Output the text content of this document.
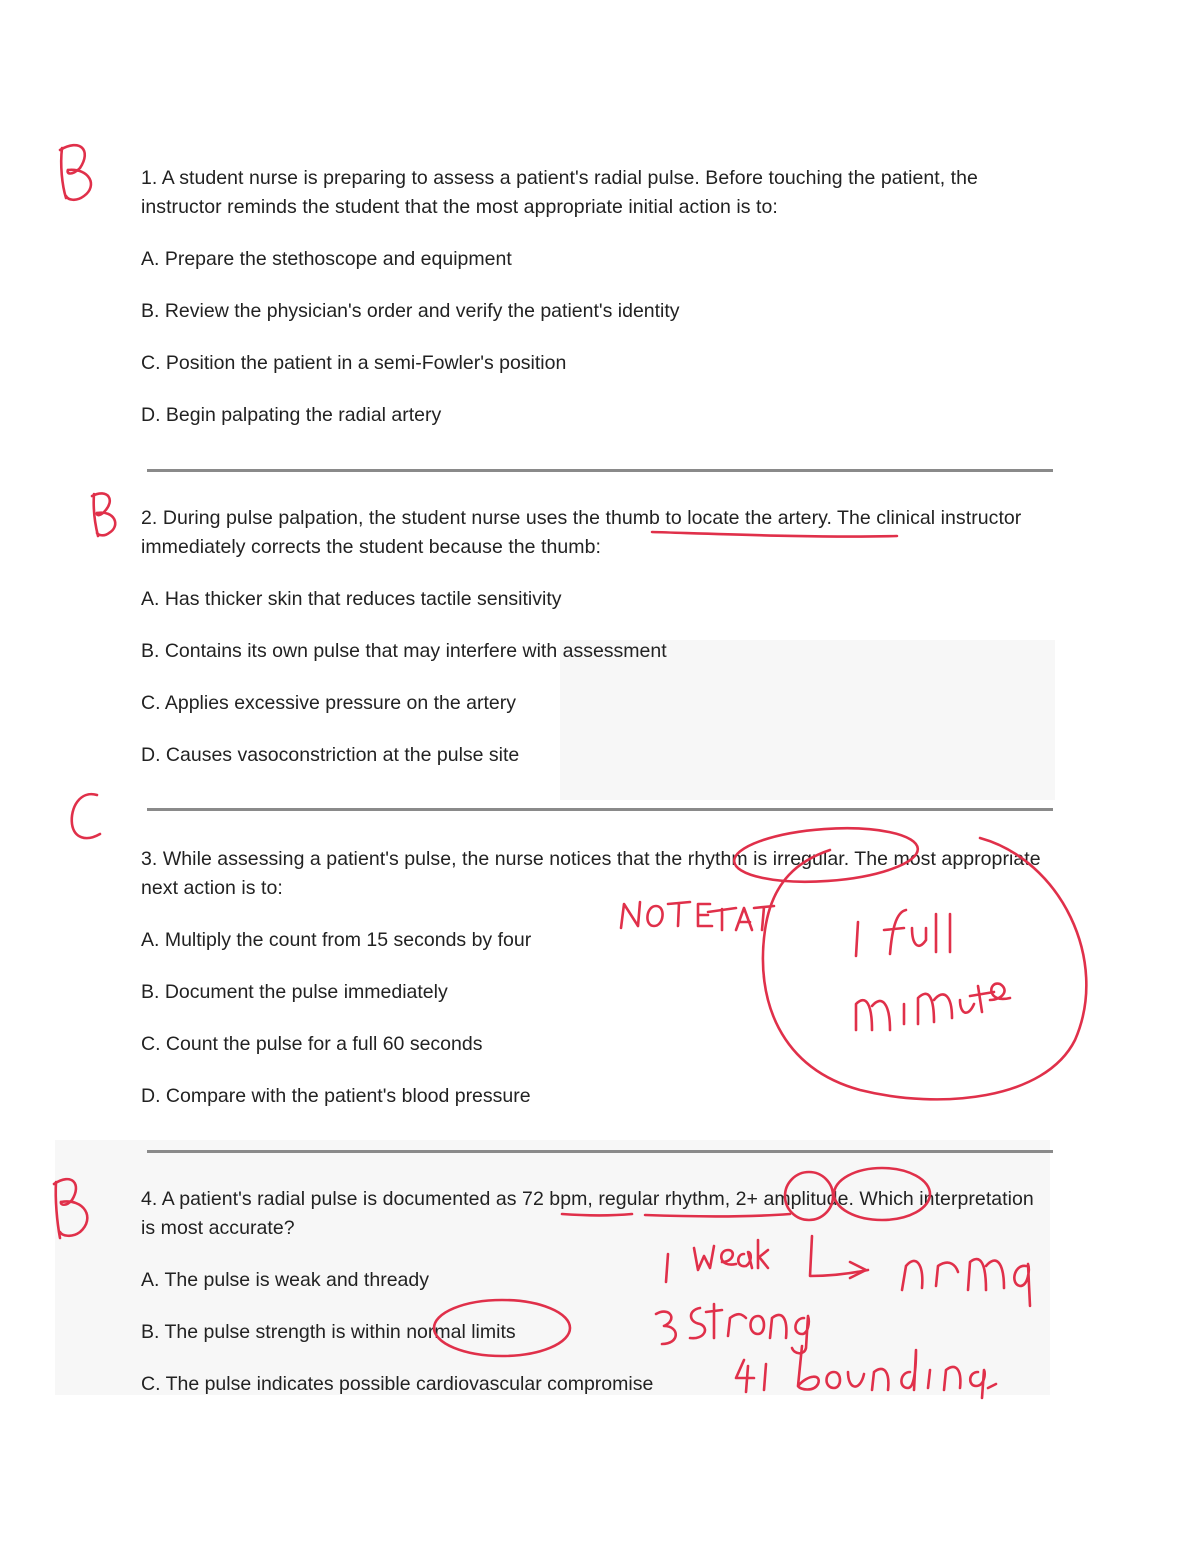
1. A student nurse is preparing to assess a patient's radial pulse. Before touching the patient, the instructor reminds the student that the most appropriate initial action is to:

A. Prepare the stethoscope and equipment

B. Review the physician's order and verify the patient's identity

C. Position the patient in a semi-Fowler's position

D. Begin palpating the radial artery

2. During pulse palpation, the student nurse uses the thumb to locate the artery. The clinical instructor immediately corrects the student because the thumb:

A. Has thicker skin that reduces tactile sensitivity

B. Contains its own pulse that may interfere with assessment

C. Applies excessive pressure on the artery

D. Causes vasoconstriction at the pulse site

3. While assessing a patient's pulse, the nurse notices that the rhythm is irregular. The most appropriate next action is to:

A. Multiply the count from 15 seconds by four

B. Document the pulse immediately

C. Count the pulse for a full 60 seconds

D. Compare with the patient's blood pressure

4. A patient's radial pulse is documented as 72 bpm, regular rhythm, 2+ amplitude. Which interpretation is most accurate?

A. The pulse is weak and thready

B. The pulse strength is within normal limits

C. The pulse indicates possible cardiovascular compromise
